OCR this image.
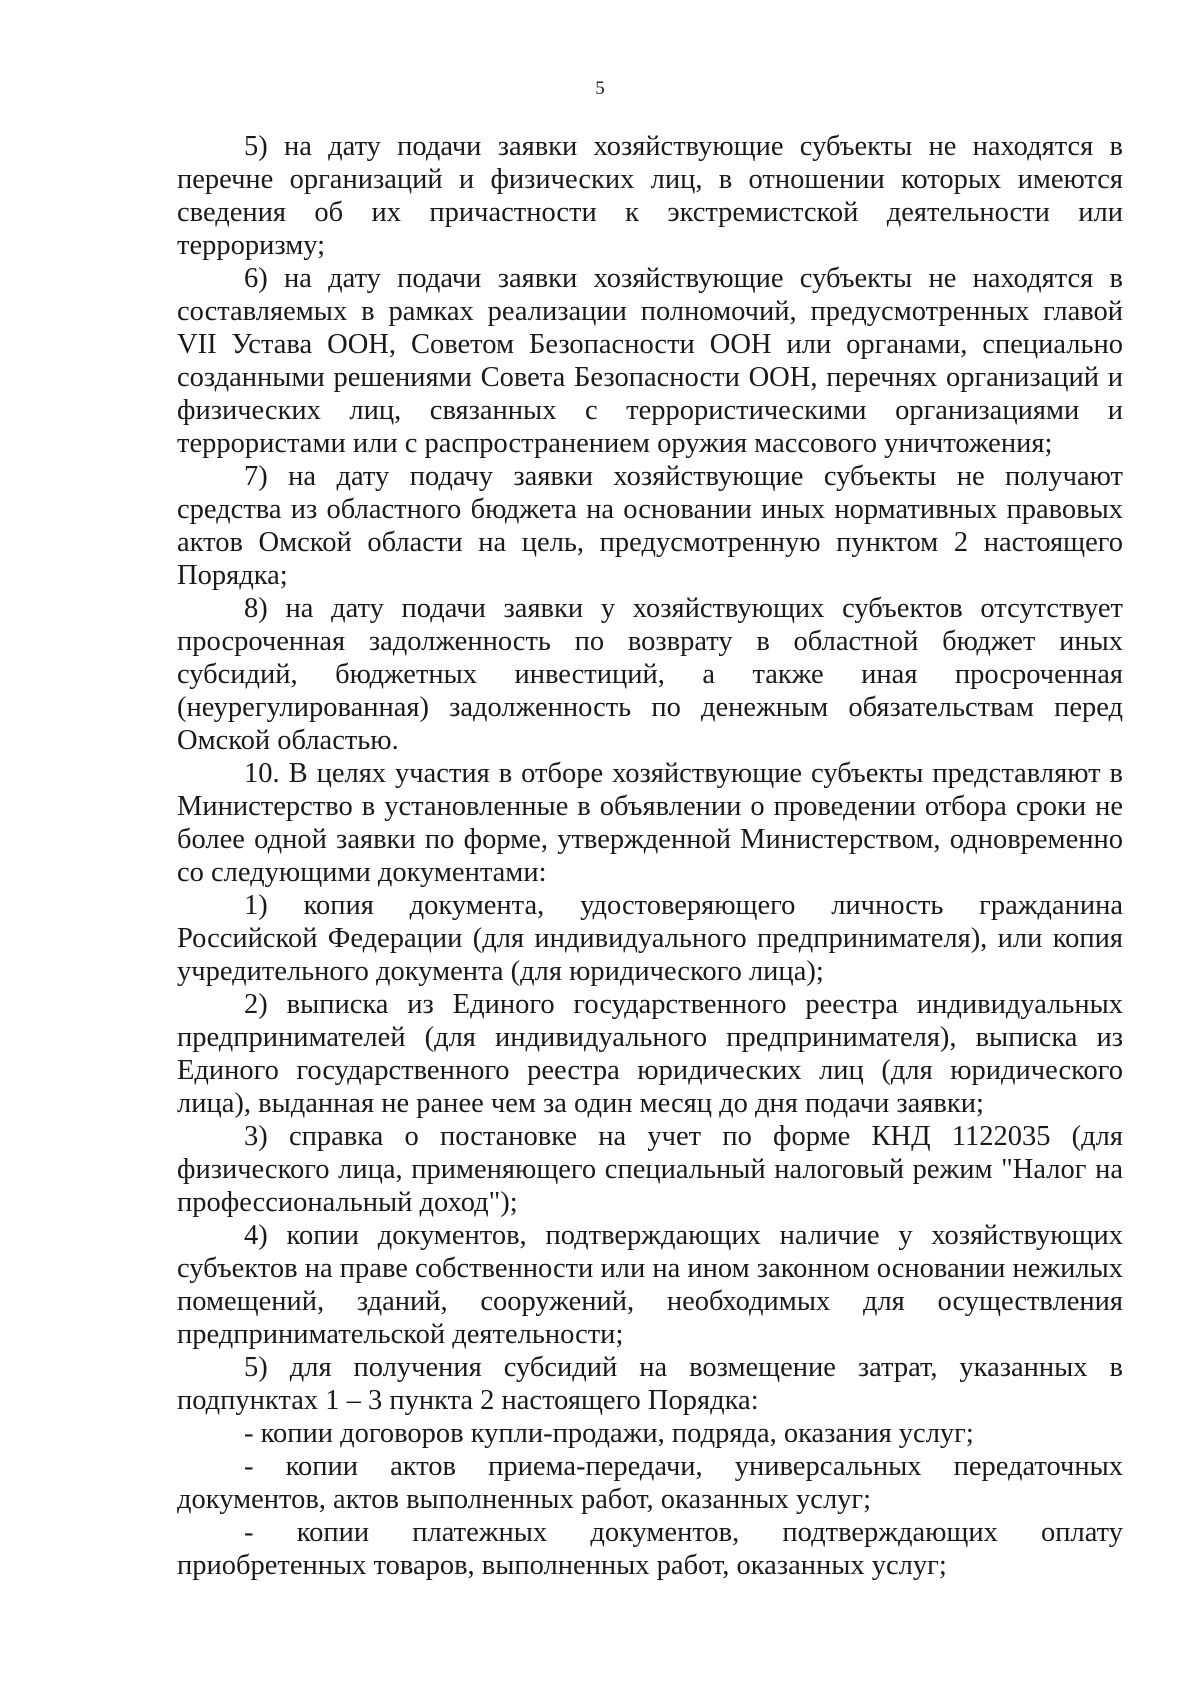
5

5) на дату подачи заявки хозяйствующие субъекты не находятся в перечне организаций и физических лиц, в отношении которых имеются сведения об их причастности к экстремистской деятельности или терроризму;

6) на дату подачи заявки хозяйствующие субъекты не находятся в составляемых в рамках реализации полномочий, предусмотренных главой VII Устава ООН, Советом Безопасности ООН или органами, специально созданными решениями Совета Безопасности ООН, перечнях организаций и физических лиц, связанных с террористическими организациями и террористами или с распространением оружия массового уничтожения;

7) на дату подачу заявки хозяйствующие субъекты не получают средства из областного бюджета на основании иных нормативных правовых актов Омской области на цель, предусмотренную пунктом 2 настоящего Порядка;

8) на дату подачи заявки у хозяйствующих субъектов отсутствует просроченная задолженность по возврату в областной бюджет иных субсидий, бюджетных инвестиций, а также иная просроченная (неурегулированная) задолженность по денежным обязательствам перед Омской областью.

10. В целях участия в отборе хозяйствующие субъекты представляют в Министерство в установленные в объявлении о проведении отбора сроки не более одной заявки по форме, утвержденной Министерством, одновременно со следующими документами:

1) копия документа, удостоверяющего личность гражданина Российской Федерации (для индивидуального предпринимателя), или копия учредительного документа (для юридического лица);

2) выписка из Единого государственного реестра индивидуальных предпринимателей (для индивидуального предпринимателя), выписка из Единого государственного реестра юридических лиц (для юридического лица), выданная не ранее чем за один месяц до дня подачи заявки;

3) справка о постановке на учет по форме КНД 1122035 (для физического лица, применяющего специальный налоговый режим "Налог на профессиональный доход");

4) копии документов, подтверждающих наличие у хозяйствующих субъектов на праве собственности или на ином законном основании нежилых помещений, зданий, сооружений, необходимых для осуществления предпринимательской деятельности;

5) для получения субсидий на возмещение затрат, указанных в подпунктах 1 – 3 пункта 2 настоящего Порядка:

- копии договоров купли-продажи, подряда, оказания услуг;

- копии актов приема-передачи, универсальных передаточных документов, актов выполненных работ, оказанных услуг;

- копии платежных документов, подтверждающих оплату приобретенных товаров, выполненных работ, оказанных услуг;
